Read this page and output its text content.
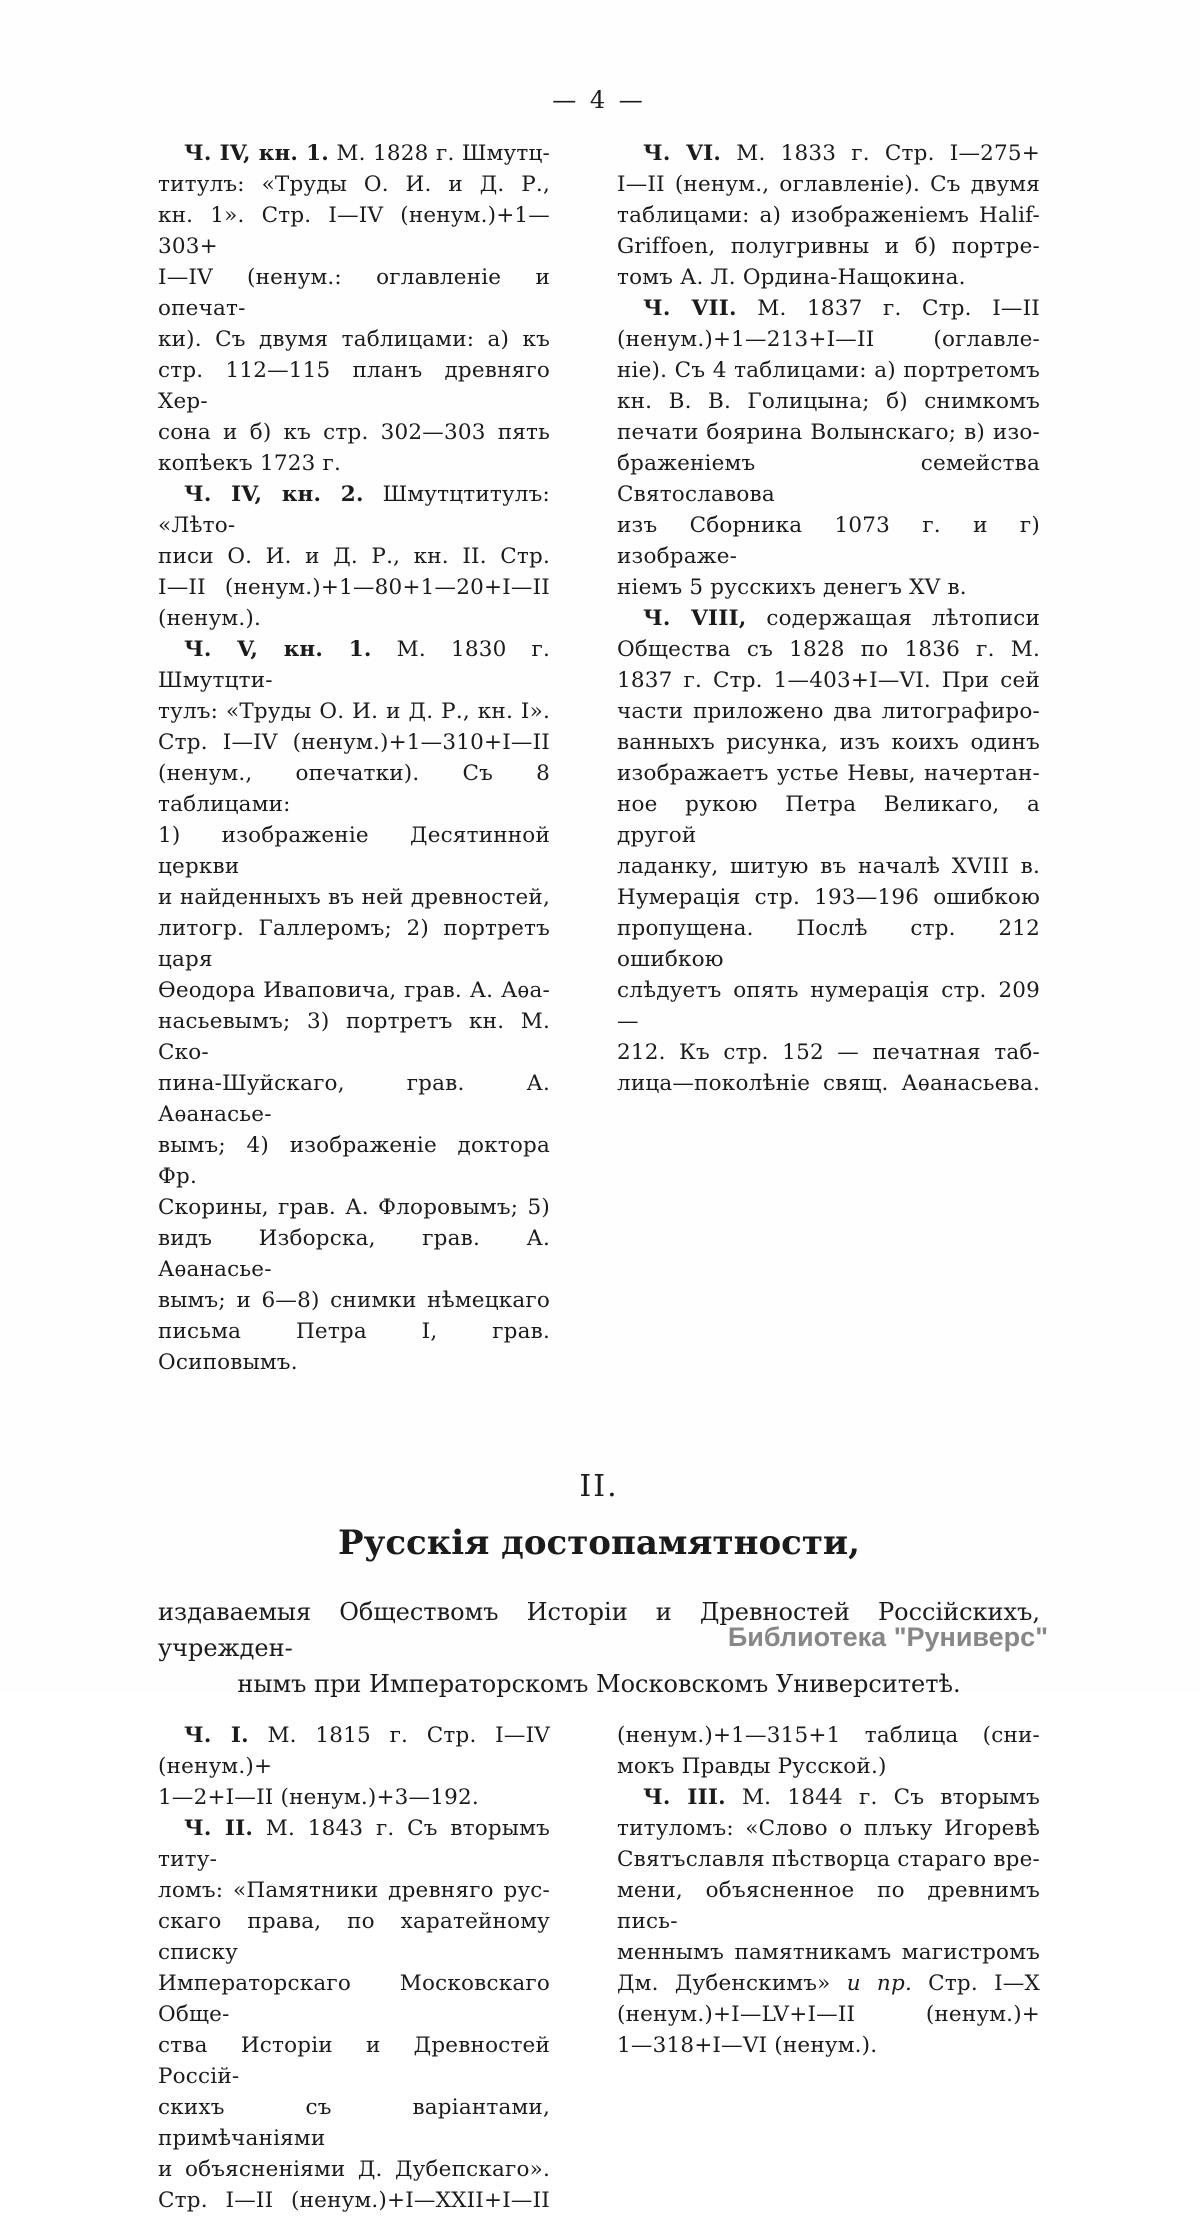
— 4 —
Ч. IV, кн. 1. М. 1828 г. Шмутц-
титулъ: «Труды О. И. и Д. Р.,
кн. 1». Стр. I—IV (ненум.)+1—303+
I—IV (ненум.: оглавленіе и опечат-
ки). Съ двумя таблицами: а) къ
стр. 112—115 планъ древняго Хер-
сона и б) къ стр. 302—303 пять
копѣекъ 1723 г.
Ч. IV, кн. 2. Шмутцтитулъ: «Лѣто-
писи О. И. и Д. Р., кн. II. Стр.
I—II (ненум.)+1—80+1—20+I—II
(ненум.).
Ч. V, кн. 1. М. 1830 г. Шмутцти-
тулъ: «Труды О. И. и Д. Р., кн. I».
Стр. I—IV (ненум.)+1—310+I—II
(ненум., опечатки). Съ 8 таблицами:
1) изображеніе Десятинной церкви
и найденныхъ въ ней древностей,
литогр. Галлеромъ; 2) портретъ царя
Ѳеодора Иваповича, грав. А. Аѳа-
насьевымъ; 3) портретъ кн. М. Ско-
пина-Шуйскаго, грав. А. Аѳанасье-
вымъ; 4) изображеніе доктора Фр.
Скорины, грав. А. Флоровымъ; 5)
видъ Изборска, грав. А. Аѳанасье-
вымъ; и 6—8) снимки нѣмецкаго
письма Петра I, грав. Осиповымъ.
Ч. VI. М. 1833 г. Стр. I—275+
I—II (ненум., оглавленіе). Съ двумя
таблицами: а) изображеніемъ Halif-
Griffoen, полугривны и б) портре-
томъ А. Л. Ордина-Нащокина.
Ч. VII. М. 1837 г. Стр. I—II
(ненум.)+1—213+I—II (оглавле-
ніе). Съ 4 таблицами: а) портретомъ
кн. В. В. Голицына; б) снимкомъ
печати боярина Волынскаго; в) изо-
браженіемъ семейства Святославова
изъ Сборника 1073 г. и г) изображе-
ніемъ 5 русскихъ денегъ XV в.
Ч. VIII, содержащая лѣтописи
Общества съ 1828 по 1836 г. М.
1837 г. Стр. 1—403+I—VI. При сей
части приложено два литографиро-
ванныхъ рисунка, изъ коихъ одинъ
изображаетъ устье Невы, начертан-
ное рукою Петра Великаго, а другой
ладанку, шитую въ началѣ XVIII в.
Нумерація стр. 193—196 ошибкою
пропущена. Послѣ стр. 212 ошибкою
слѣдуетъ опять нумерація стр. 209—
212. Къ стр. 152 — печатная таб-
лица—поколѣніе свящ. Аѳанасьева.
II.
Русскія достопамятности,
издаваемыя Обществомъ Исторіи и Древностей Россійскихъ, учрежден-
нымъ при Императорскомъ Московскомъ Университетѣ.
Ч. I. М. 1815 г. Стр. I—IV (ненум.)+
1—2+I—II (ненум.)+3—192.
Ч. II. М. 1843 г. Съ вторымъ титу-
ломъ: «Памятники древняго рус-
скаго права, по харатейному списку
Императорскаго Московскаго Обще-
ства Исторіи и Древностей Россій-
скихъ съ варіантами, примѣчаніями
и объясненіями Д. Дубепскаго».
Стр. I—II (ненум.)+I—XXII+I—II
(ненум.)+1—315+1 таблица (сни-
мокъ Правды Русской.)
Ч. III. М. 1844 г. Съ вторымъ
титуломъ: «Слово о плъку Игоревѣ
Святъславля пѣстворца стараго вре-
мени, объясненное по древнимъ пись-
меннымъ памятникамъ магистромъ
Дм. Дубенскимъ» и пр. Стр. I—X
(ненум.)+I—LV+I—II (ненум.)+
1—318+I—VI (ненум.).
Библиотека "Руниверс"
